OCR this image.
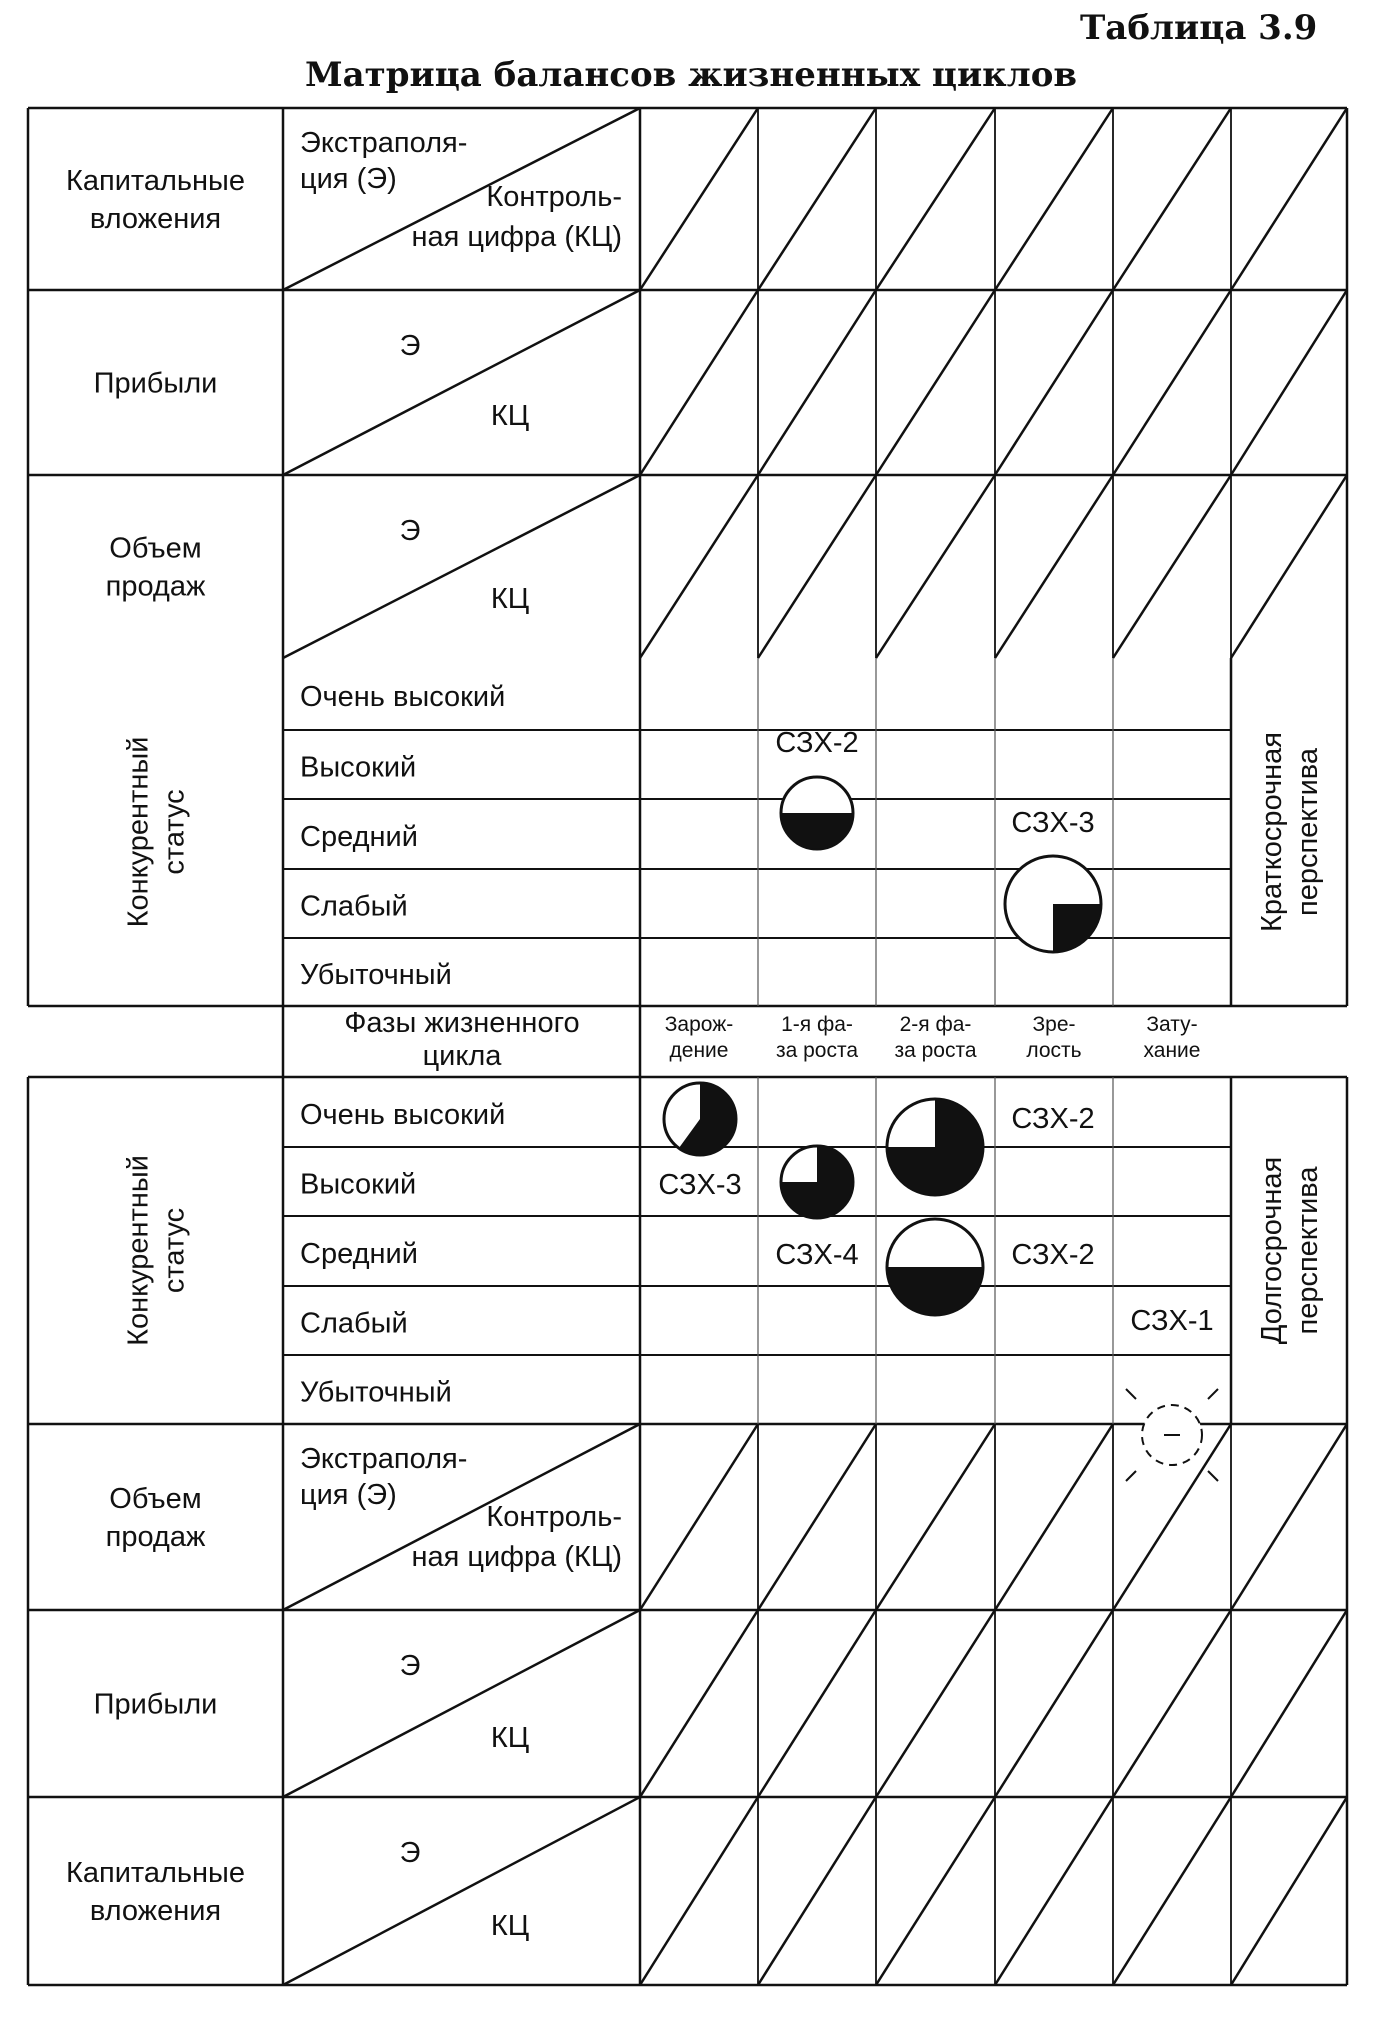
Таблица 3.9
Матрица балансов жизненных циклов
Капитальные
вложения
Экстраполя-
ция (Э)
Контроль-
ная цифра (КЦ)
Прибыли
Э
КЦ
Объем
продаж
Э
КЦ
Объем
продаж
Экстраполя-
ция (Э)
Контроль-
ная цифра (КЦ)
Прибыли
Э
КЦ
Капитальные
вложения
Э
КЦ
Очень высокий
Высокий
Средний
Слабый
Убыточный
Конкурентный статус	Краткосрочная перспектива
Очень высокий
Высокий
Средний
Слабый
Убыточный
Конкурентный статус	Долгосрочная перспектива
Фазы жизненного
цикла
Зарож-
дение
1-я фа-
за роста
2-я фа-
за роста
Зре-
лость
Зату-
хание
СЗХ-2
СЗХ-3
СЗХ-3
СЗХ-4
СЗХ-2
СЗХ-2
СЗХ-1
